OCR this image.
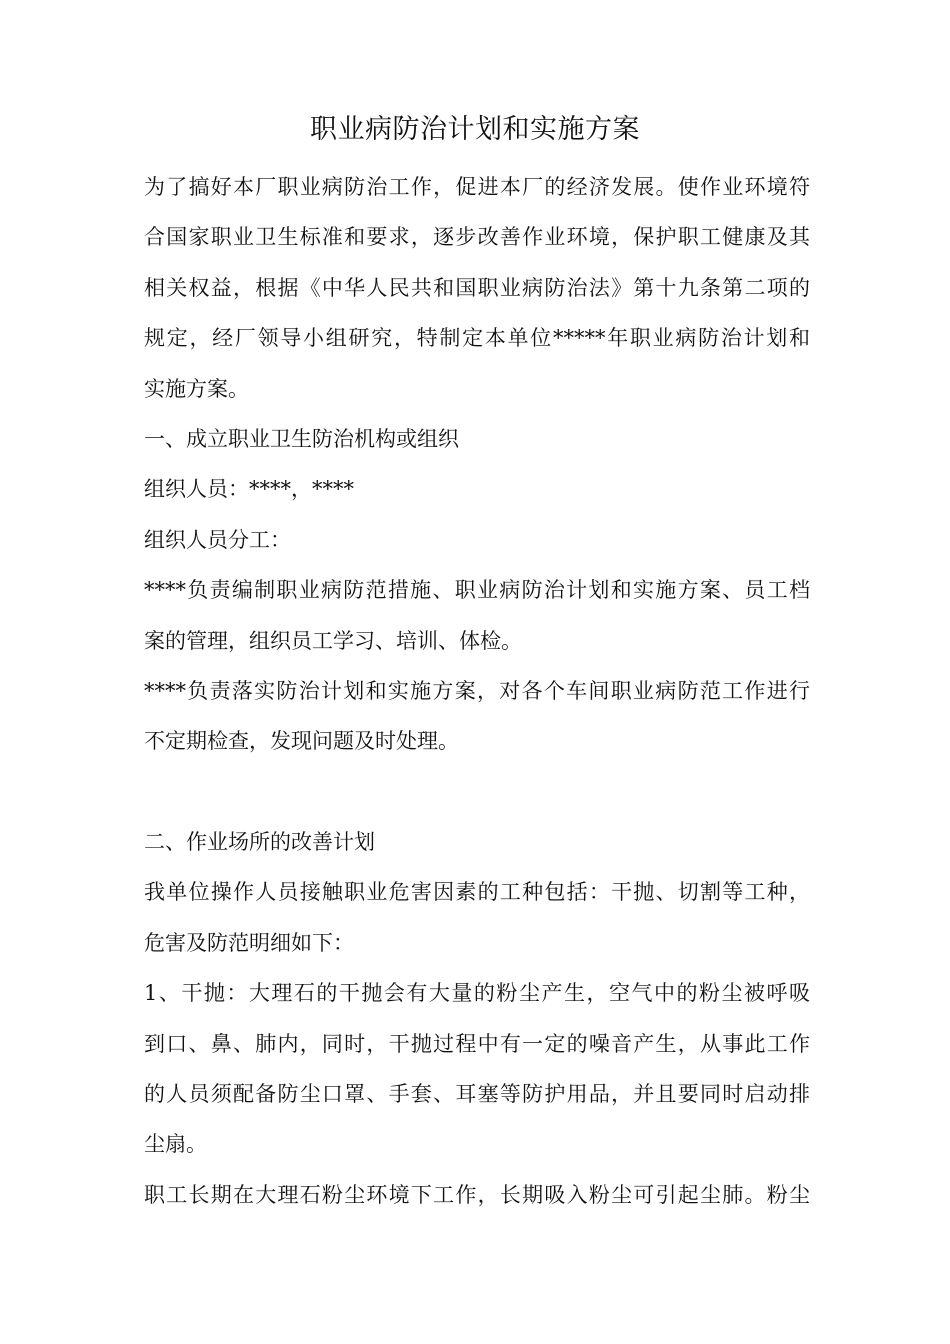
职业病防治计划和实施方案
为了搞好本厂职业病防治工作，促进本厂的经济发展。使作业环境符
合国家职业卫生标准和要求，逐步改善作业环境，保护职工健康及其
相关权益，根据《中华人民共和国职业病防治法》第十九条第二项的
规定，经厂领导小组研究，特制定本单位*****年职业病防治计划和
实施方案。
一、成立职业卫生防治机构或组织
组织人员：****，****
组织人员分工：
****负责编制职业病防范措施、职业病防治计划和实施方案、员工档
案的管理，组织员工学习、培训、体检。
****负责落实防治计划和实施方案，对各个车间职业病防范工作进行
不定期检查，发现问题及时处理。
二、作业场所的改善计划
我单位操作人员接触职业危害因素的工种包括：干抛、切割等工种，
危害及防范明细如下：
1、干抛：大理石的干抛会有大量的粉尘产生，空气中的粉尘被呼吸
到口、鼻、肺内，同时，干抛过程中有一定的噪音产生，从事此工作
的人员须配备防尘口罩、手套、耳塞等防护用品，并且要同时启动排
尘扇。
职工长期在大理石粉尘环境下工作，长期吸入粉尘可引起尘肺。粉尘
